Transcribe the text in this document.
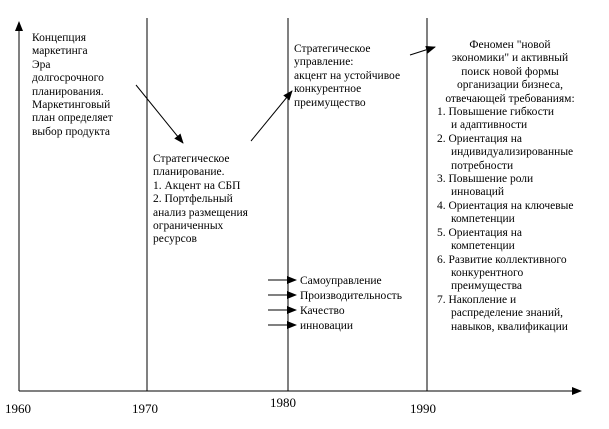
1960	1970	1980	1990
Концепция
маркетинга
Эра
долгосрочного
планирования.
Маркетинговый
план определяет
выбор продукта
Стратегическое
планирование.
1. Акцент на СБП
2. Портфельный
анализ размещения
ограниченных
ресурсов
Стратегическое
управление:
акцент на устойчивое
конкурентное
преимущество
Самоуправление
Производительность
Качество
инновации
Феномен "новой
экономики" и активный
поиск новой формы
организации бизнеса,
отвечающей требованиям:
1. Повышение гибкости
и адаптивности
2. Ориентация на
индивидуализированные
потребности
3. Повышение роли
инноваций
4. Ориентация на ключевые
компетенции
5. Ориентация на
компетенции
6. Развитие коллективного
конкурентного
преимущества
7. Накопление и
распределение знаний,
навыков, квалификации
